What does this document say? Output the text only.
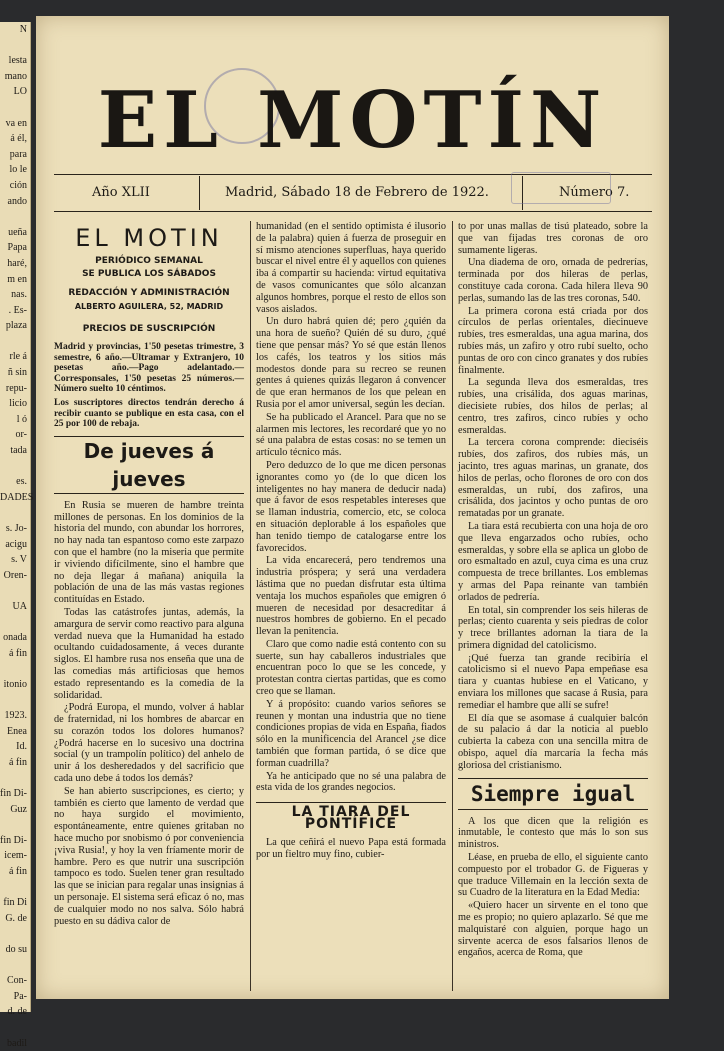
N

lesta
mano
LO

va en
á él,
para
lo le
ción
ando

ueña
Papa
haré,
m en
nas.
. Es-
plaza

rle á
ñ sin
repu-
licio
l ó
or-
tada

es.
DADES

s. Jo-
acigu
s. V
Oren-

UA

onada
á fin

itonio

1923.
Enea
Id.
á fin

fin Di-
Guz

fin Di-
icem-
á fin

fin Di
G. de

do su

Con-
Pa-
d. de

badil
EL MOTÍN
Año XLII	Madrid, Sábado 18 de Febrero de 1922.	Número 7.
EL MOTIN
PERIÓDICO SEMANAL
SE PUBLICA LOS SÁBADOS
REDACCIÓN Y ADMINISTRACIÓN
ALBERTO AGUILERA, 52, MADRID
PRECIOS DE SUSCRIPCIÓN
Madrid y provincias, 1'50 pesetas trimestre, 3 semestre, 6 año.—Ultramar y Extranjero, 10 pesetas año.—Pago adelantado.—Corresponsales, 1'50 pesetas 25 números.—Número suelto 10 céntimos.
Los suscriptores directos tendrán derecho á recibir cuanto se publique en esta casa, con el 25 por 100 de rebaja.
De jueves á jueves

En Rusia se mueren de hambre treinta millones de personas. En los dominios de la historia del mundo, con abundar los horrores, no hay nada tan espantoso como este zarpazo con que el hambre (no la miseria que permite ir viviendo difícilmente, sino el hambre que no deja llegar á mañana) aniquila la población de una de las más vastas regiones contituídas en Estado.

Todas las catástrofes juntas, además, la amargura de servir como reactivo para alguna verdad nueva que la Humanidad ha estado ocultando cuidadosamente, á veces durante siglos. El hambre rusa nos enseña que una de las comedias más artificiosas que hemos estado representando es la comedia de la solidaridad.

¿Podrá Europa, el mundo, volver á hablar de fraternidad, ni los hombres de abarcar en su corazón todos los dolores humanos? ¿Podrá hacerse en lo sucesivo una doctrina social (y un trampolín político) del anhelo de unir á los desheredados y del sacrificio que cada uno debe á todos los demás?

Se han abierto suscripciones, es cierto; y también es cierto que lamento de verdad que no haya surgido el movimiento, espontáneamente, entre quienes gritaban no hace mucho por snobismo ó por conveniencia ¡viva Rusia!, y hoy la ven fríamente morir de hambre. Pero es que nutrir una suscripción tampoco es todo. Suelen tener gran resultado las que se inician para regalar unas insignias á un personaje. El sistema será eficaz ó no, mas de cualquier modo no nos salva. Sólo habrá puesto en su dádiva calor de

humanidad (en el sentido optimista é ilusorio de la palabra) quien á fuerza de proseguir en sí mismo atenciones superfluas, haya querido buscar el nivel entre él y aquellos con quienes iba á compartir su hacienda: virtud equitativa de vasos comunicantes que sólo alcanzan algunos hombres, porque el resto de ellos son vasos aislados.

Un duro habrá quien dé; pero ¿quién da una hora de sueño? Quién dé su duro, ¿qué tiene que pensar más? Yo sé que están llenos los cafés, los teatros y los sitios más modestos donde para su recreo se reunen gentes á quienes quizás llegaron á convencer de que eran hermanos de los que pelean en Rusia por el amor universal, según les decían.

Se ha publicado el Arancel. Para que no se alarmen mis lectores, les recordaré que yo no sé una palabra de estas cosas: no se temen un artículo técnico más.

Pero deduzco de lo que me dicen personas ignorantes como yo (de lo que dicen los inteligentes no hay manera de deducir nada) que á favor de esos respetables intereses que se llaman industria, comercio, etc, se coloca en situación deplorable á los españoles que han tenido tiempo de catalogarse entre los favorecidos.

La vida encarecerá, pero tendremos una industria próspera; y será una verdadera lástima que no puedan disfrutar esta última ventaja los muchos españoles que emigren ó mueren de necesidad por desacreditar á nuestros hombres de gobierno. En el pecado llevan la penitencia.

Claro que como nadie está contento con su suerte, sun hay caballeros industriales que encuentran poco lo que se les concede, y protestan contra ciertas partidas, que es como creo que se llaman.

Y á propósito: cuando varios señores se reunen y montan una industria que no tiene condiciones propias de vida en España, fiados sólo en la munificencia del Arancel ¿se dice también que forman partida, ó se dice que forman cuadrilla?

Ya he anticipado que no sé una palabra de esta vida de los grandes negocios.

LA TIARA DEL PONTÍFICE

La que ceñirá el nuevo Papa está formada por un fieltro muy fino, cubier-

to por unas mallas de tisú plateado, sobre la que van fijadas tres coronas de oro sumamente ligeras.

Una diadema de oro, ornada de pedrerías, terminada por dos hileras de perlas, constituye cada corona. Cada hilera lleva 90 perlas, sumando las de las tres coronas, 540.

La primera corona está criada por dos círculos de perlas orientales, diecinueve rubíes, tres esmeraldas, una agua marina, dos rubíes más, un zafiro y otro rubí suelto, ocho puntas de oro con cinco granates y dos rubíes finalmente.

La segunda lleva dos esmeraldas, tres rubíes, una crisálida, dos aguas marinas, diecisiete rubíes, dos hilos de perlas; al centro, tres zafiros, cinco rubíes y ocho esmeraldas.

La tercera corona comprende: dieciséis rubíes, dos zafiros, dos rubíes más, un jacinto, tres aguas marinas, un granate, dos hilos de perlas, ocho florones de oro con dos esmeraldas, un rubí, dos zafiros, una crisálida, dos jacintos y ocho puntas de oro rematadas por un granate.

La tiara está recubierta con una hoja de oro que lleva engarzados ocho rubíes, ocho esmeraldas, y sobre ella se aplica un globo de oro esmaltado en azul, cuya cima es una cruz compuesta de trece brillantes. Los emblemas y armas del Papa reinante van también orlados de pedrería.

En total, sin comprender los seis hileras de perlas; ciento cuarenta y seis piedras de color y trece brillantes adornan la tiara de la primera dignidad del catolicismo.

¡Qué fuerza tan grande recibiría el catolicismo si el nuevo Papa empeñase esa tiara y cuantas hubiese en el Vaticano, y enviara los millones que sacase á Rusia, para remediar el hambre que allí se sufre!

El día que se asomase á cualquier balcón de su palacio á dar la noticia al pueblo cubierta la cabeza con una sencilla mitra de obispo, aquel día marcaría la fecha más gloriosa del cristianismo.

Siempre igual

A los que dicen que la religión es inmutable, le contesto que más lo son sus ministros.

Léase, en prueba de ello, el siguiente canto compuesto por el trobador G. de Figueras y que traduce Villemain en la lección sexta de su Cuadro de la literatura en la Edad Media:

«Quiero hacer un sirvente en el tono que me es propio; no quiero aplazarlo. Sé que me malquistaré con alguien, porque hago un sirvente acerca de esos falsarios llenos de engaños, acerca de Roma, que
